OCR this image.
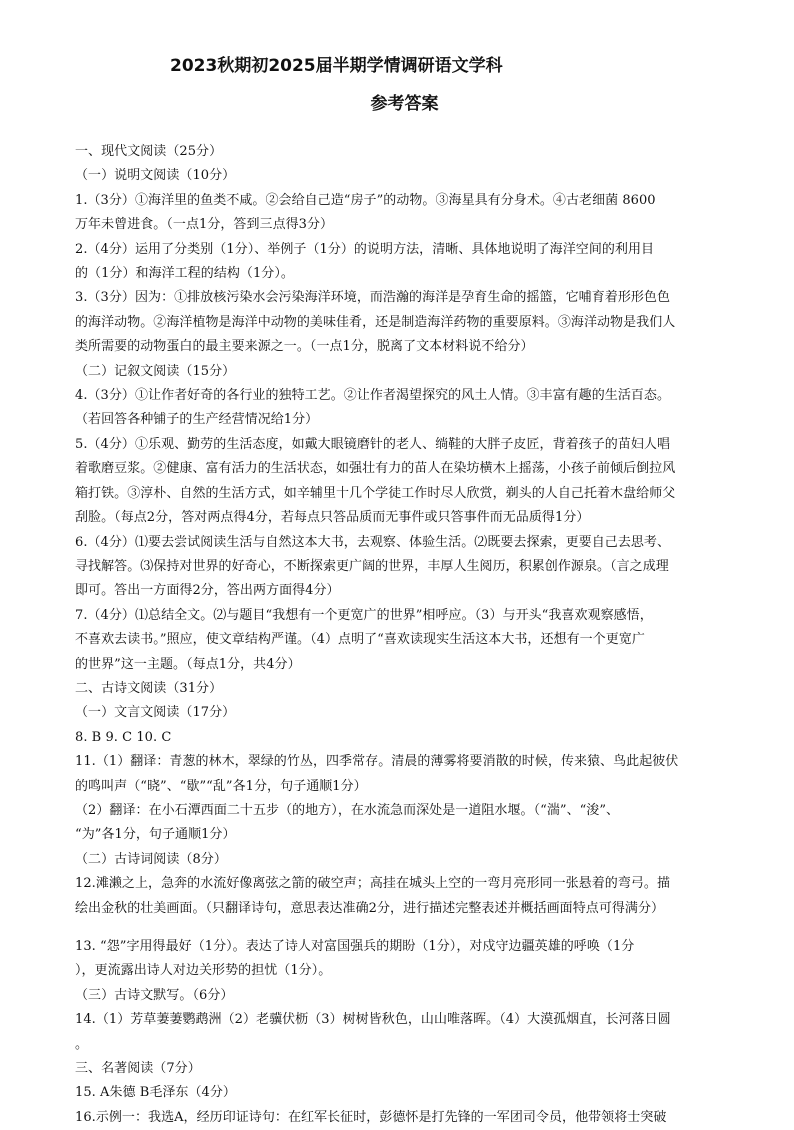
2023秋期初2025届半期学情调研语文学科
参考答案
一、现代文阅读（25分）
（一）说明文阅读（10分）
1.（3分）①海洋里的鱼类不咸。②会给自己造“房子”的动物。③海星具有分身术。④古老细菌 8600
万年未曾进食。（一点1分，答到三点得3分）
2.（4分）运用了分类别（1分）、举例子（1分）的说明方法，清晰、具体地说明了海洋空间的利用目
的（1分）和海洋工程的结构（1分）。
3.（3分）因为：①排放核污染水会污染海洋环境，而浩瀚的海洋是孕育生命的摇篮，它哺育着形形色色
的海洋动物。②海洋植物是海洋中动物的美味佳肴，还是制造海洋药物的重要原料。③海洋动物是我们人
类所需要的动物蛋白的最主要来源之一。（一点1分，脱离了文本材料说不给分）
（二）记叙文阅读（15分）
4.（3分）①让作者好奇的各行业的独特工艺。②让作者渴望探究的风土人情。③丰富有趣的生活百态。
（若回答各种铺子的生产经营情况给1分）
5.（4分）①乐观、勤劳的生活态度，如戴大眼镜磨针的老人、绱鞋的大胖子皮匠，背着孩子的苗妇人唱
着歌磨豆浆。②健康、富有活力的生活状态，如强壮有力的苗人在染坊横木上摇荡，小孩子前倾后倒拉风
箱打铁。③淳朴、自然的生活方式，如辛辅里十几个学徒工作时尽人欣赏，剃头的人自己托着木盘给师父
刮脸。（每点2分，答对两点得4分，若每点只答品质而无事件或只答事件而无品质得1分）
6.（4分）⑴要去尝试阅读生活与自然这本大书，去观察、体验生活。⑵既要去探索，更要自己去思考、
寻找解答。⑶保持对世界的好奇心，不断探索更广阔的世界，丰厚人生阅历，积累创作源泉。（言之成理
即可。答出一方面得2分，答出两方面得4分）
7.（4分）⑴总结全文。⑵与题目“我想有一个更宽广的世界”相呼应。（3）与开头“我喜欢观察感悟，
不喜欢去读书。”照应，使文章结构严谨。（4）点明了“喜欢读现实生活这本大书，还想有一个更宽广
的世界”这一主题。（每点1分，共4分）
二、古诗文阅读（31分）
（一）文言文阅读（17分）
8. B 9. C 10. C
11.（1）翻译：青葱的林木，翠绿的竹丛，四季常存。清晨的薄雾将要消散的时候，传来猿、鸟此起彼伏
的鸣叫声（“晓”、“歇”“乱”各1分，句子通顺1分）
（2）翻译：在小石潭西面二十五步（的地方），在水流急而深处是一道阻水堰。（“湍”、“浚”、
“为”各1分，句子通顺1分）
（二）古诗词阅读（8分）
12.滩濑之上，急奔的水流好像离弦之箭的破空声；高挂在城头上空的一弯月亮形同一张悬着的弯弓。描
绘出金秋的壮美画面。（只翻译诗句，意思表达准确2分，进行描述完整表述并概括画面特点可得满分）
13. “怨”字用得最好（1分）。表达了诗人对富国强兵的期盼（1分），对戍守边疆英雄的呼唤（1分
），更流露出诗人对边关形势的担忧（1分）。
（三）古诗文默写。（6分）
14.（1）芳草萋萋鹦鹉洲（2）老骥伏枥（3）树树皆秋色，山山唯落晖。（4）大漠孤烟直，长河落日圆
。
三、名著阅读（7分）
15. A朱德 B毛泽东（4分）
16.示例一：我选A，经历印证诗句：在红军长征时，彭德怀是打先锋的一军团司令员，他带领将士突破
